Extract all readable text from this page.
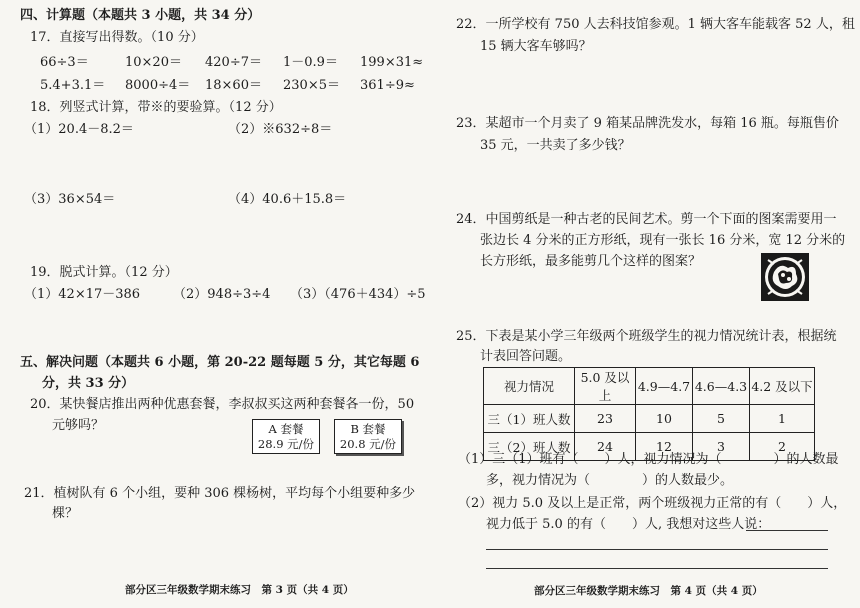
四、计算题（本题共 3 小题，共 34 分）
17．直接写出得数。（10 分）
66÷3＝	10×20＝ 420÷7＝ 1－0.9＝ 199×31≈
5.4+3.1＝ 8000÷4＝ 18×60＝ 230×5＝ 361÷9≈
18．列竖式计算，带※的要验算。（12 分）
（1）20.4－8.2＝	（2）※632÷8＝
（3）36×54＝	（4）40.6＋15.8＝
19．脱式计算。（12 分）
（1）42×17－386	（2）948÷3÷4 （3）（476＋434）÷5
五、解决问题（本题共 6 小题，第 20-22 题每题 5 分，其它每题 6
分，共 33 分）
20．某快餐店推出两种优惠套餐，李叔叔买这两种套餐各一份，50
元够吗？	A 套餐
28.9 元/份
B 套餐
20.8 元/份
21．植树队有 6 个小组，要种 306 棵杨树，平均每个小组要种多少
棵？
部分区三年级数学期末练习　第 3 页（共 4 页）
22．一所学校有 750 人去科技馆参观。1 辆大客车能载客 52 人，租
15 辆大客车够吗？
23．某超市一个月卖了 9 箱某品牌洗发水，每箱 16 瓶。每瓶售价
35 元，一共卖了多少钱？
24．中国剪纸是一种古老的民间艺术。剪一个下面的图案需要用一
张边长 4 分米的正方形纸，现有一张长 16 分米，宽 12 分米的
长方形纸，最多能剪几个这样的图案？
25．下表是某小学三年级两个班级学生的视力情况统计表，根据统
计表回答问题。
视力情况	5.0 及以上	4.9—4.7	4.6—4.3	4.2 及以下
三（1）班人数	23	10	5	1
三（2）班人数	24	12	3	2
（1）三（1）班有（　　）人，视力情况为（　　　　）的人数最
多，视力情况为（　　　　）的人数最少。
（2）视力 5.0 及以上是正常，两个班级视力正常的有（　　）人，
视力低于 5.0 的有（　　）人, 我想对这些人说：
部分区三年级数学期末练习　第 4 页（共 4 页）
